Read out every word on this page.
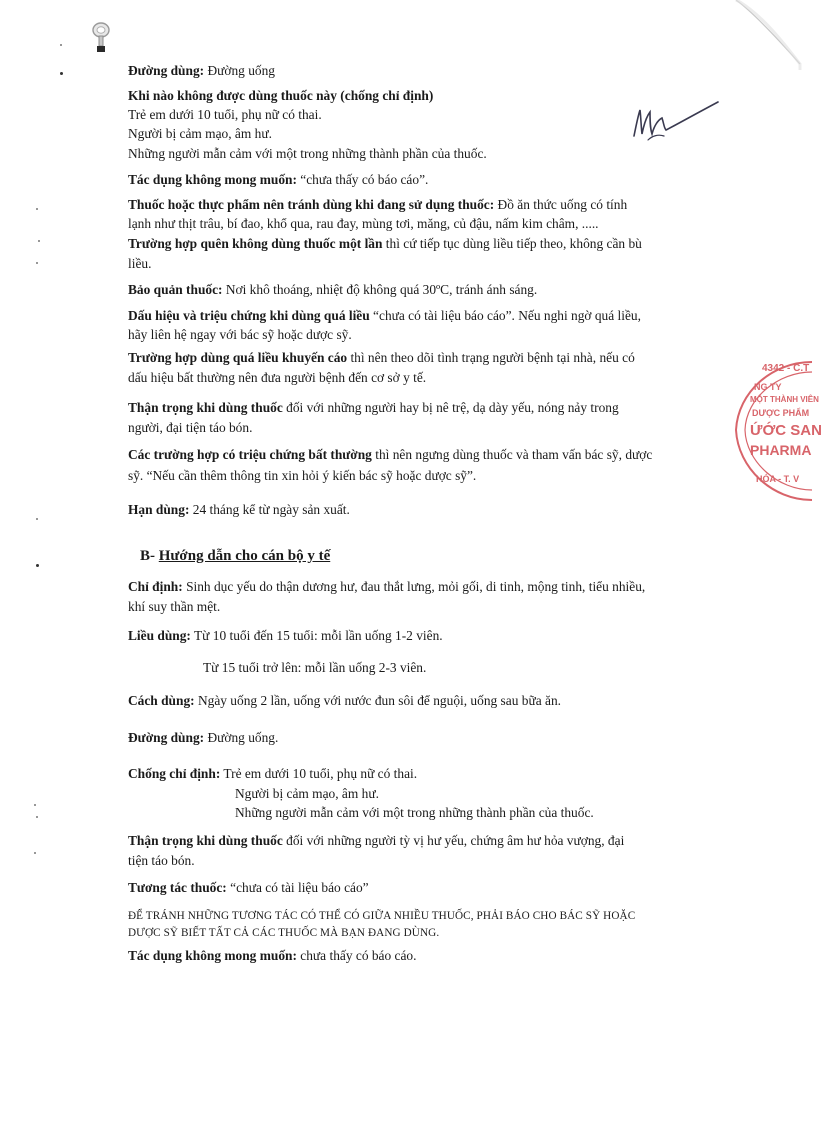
Đường dùng: Đường uống
Khi nào không được dùng thuốc này (chống chỉ định)
Trẻ em dưới 10 tuổi, phụ nữ có thai.
Người bị cảm mạo, âm hư.
Những người mẫn cảm với một trong những thành phần của thuốc.
Tác dụng không mong muốn: “chưa thấy có báo cáo”.
Thuốc hoặc thực phẩm nên tránh dùng khi đang sử dụng thuốc: Đồ ăn thức uống có tính
lạnh như thịt trâu, bí đao, khổ qua, rau đay, mùng tơi, măng, củ đậu, nấm kim châm, .....
Trường hợp quên không dùng thuốc một lần thì cứ tiếp tục dùng liều tiếp theo, không cần bù
liều.
Bảo quản thuốc: Nơi khô thoáng, nhiệt độ không quá 30ºC, tránh ánh sáng.
Dấu hiệu và triệu chứng khi dùng quá liều “chưa có tài liệu báo cáo”. Nếu nghi ngờ quá liều,
hãy liên hệ ngay với bác sỹ hoặc dược sỹ.
Trường hợp dùng quá liều khuyến cáo thì nên theo dõi tình trạng người bệnh tại nhà, nếu có
dấu hiệu bất thường nên đưa người bệnh đến cơ sở y tế.
Thận trọng khi dùng thuốc đối với những người hay bị nê trệ, dạ dày yếu, nóng nảy trong
người, đại tiện táo bón.
Các trường hợp có triệu chứng bất thường thì nên ngưng dùng thuốc và tham vấn bác sỹ, dược
sỹ. “Nếu cần thêm thông tin xin hỏi ý kiến bác sỹ hoặc dược sỹ”.
Hạn dùng: 24 tháng kể từ ngày sản xuất.
B- Hướng dẫn cho cán bộ y tế
Chỉ định: Sinh dục yếu do thận dương hư, đau thắt lưng, mỏi gối, di tinh, mộng tinh, tiểu nhiều,
khí suy thần mệt.
Liều dùng: Từ 10 tuổi đến 15 tuổi: mỗi lần uống 1-2 viên.
Từ 15 tuổi trở lên: mỗi lần uống 2-3 viên.
Cách dùng: Ngày uống 2 lần, uống với nước đun sôi để nguội, uống sau bữa ăn.
Đường dùng: Đường uống.
Chống chỉ định: Trẻ em dưới 10 tuổi, phụ nữ có thai.
Người bị cảm mạo, âm hư.
Những người mẫn cảm với một trong những thành phần của thuốc.
Thận trọng khi dùng thuốc đối với những người tỳ vị hư yếu, chứng âm hư hỏa vượng, đại
tiện táo bón.
Tương tác thuốc: “chưa có tài liệu báo cáo”
ĐỂ TRÁNH NHỮNG TƯƠNG TÁC CÓ THỂ CÓ GIỮA NHIỀU THUỐC, PHẢI BÁO CHO BÁC SỸ HOẶC
DƯỢC SỸ BIẾT TẤT CẢ CÁC THUỐC MÀ BẠN ĐANG DÙNG.
Tác dụng không mong muốn: chưa thấy có báo cáo.
4342 - C.T
NG TY
MỘT THÀNH VIÊN
DƯỢC PHẨM
ỨỚC SAN
PHARMA
HÓA - T. V
